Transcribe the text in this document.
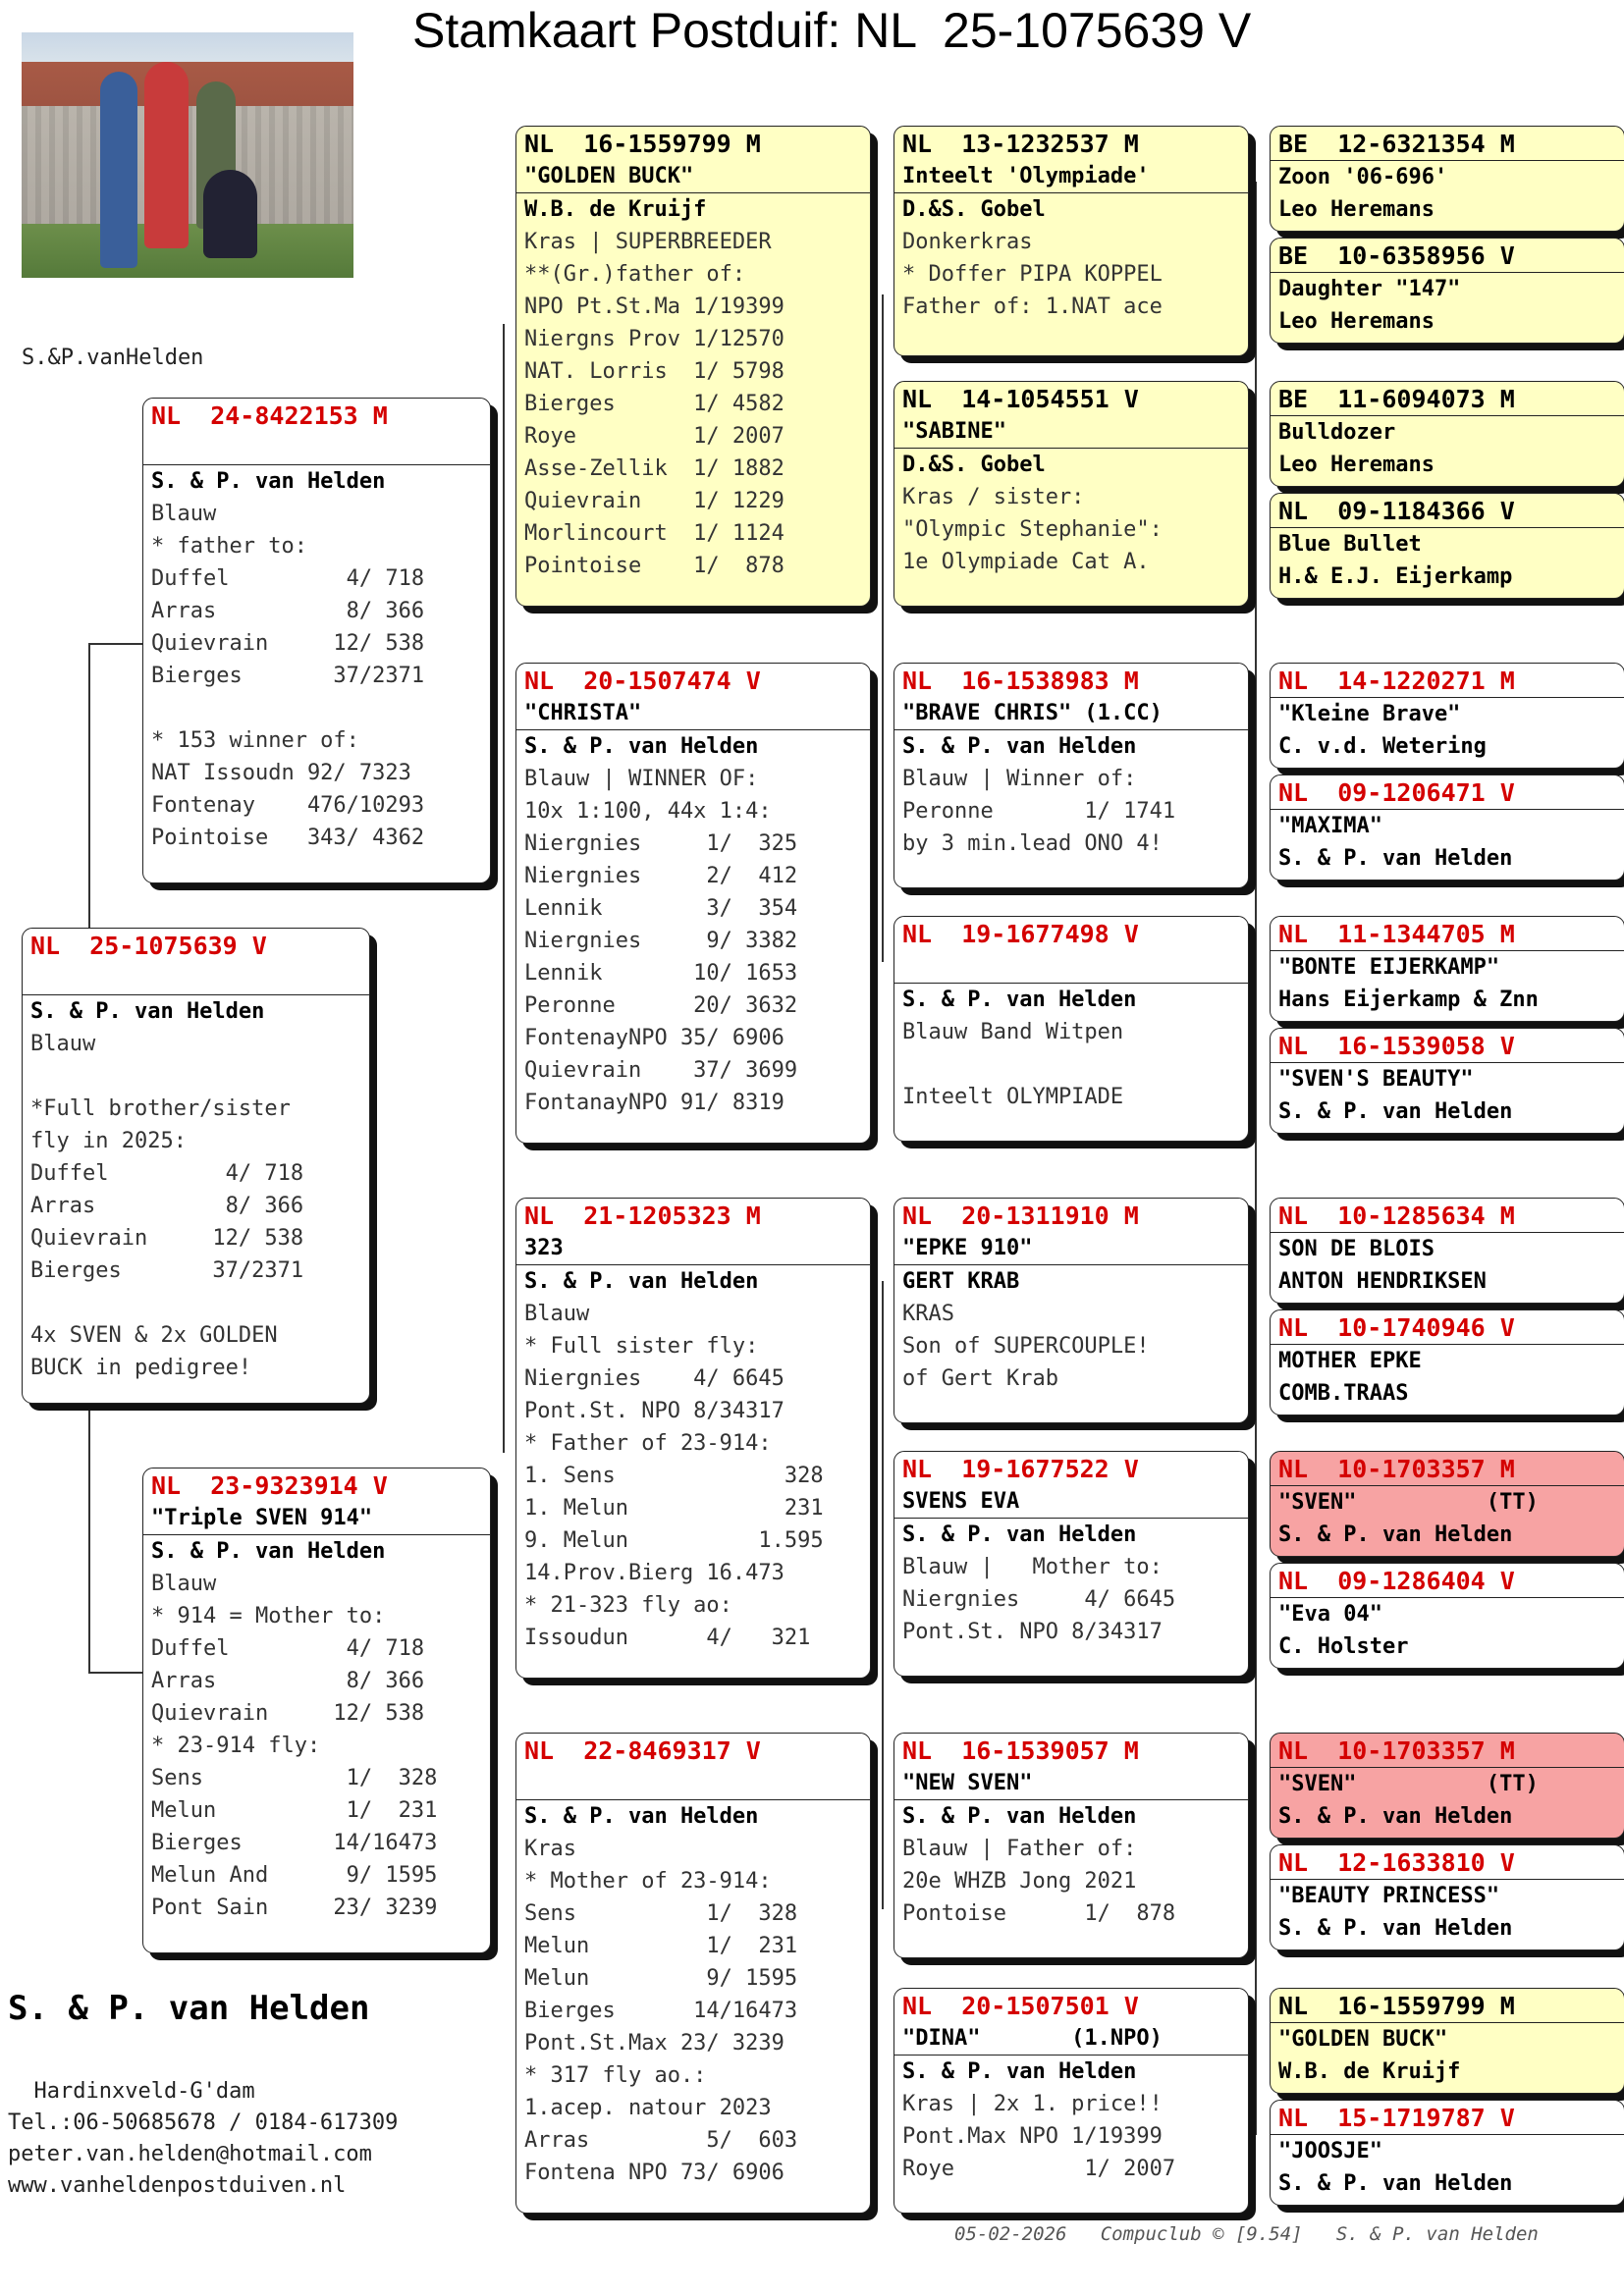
Stamkaart Postduif: NL  25-1075639 V
S.&P.vanHelden
NL  25-1075639 V

S. & P. van Helden
Blauw

*Full brother/sister
fly in 2025:
Duffel         4/ 718
Arras          8/ 366
Quievrain     12/ 538
Bierges       37/2371

4x SVEN & 2x GOLDEN
BUCK in pedigree!
NL  24-8422153 M

S. & P. van Helden
Blauw
* father to:
Duffel         4/ 718
Arras          8/ 366
Quievrain     12/ 538
Bierges       37/2371

* 153 winner of:
NAT Issoudn 92/ 7323
Fontenay    476/10293
Pointoise   343/ 4362
NL  23-9323914 V
"Triple SVEN 914"
S. & P. van Helden
Blauw
* 914 = Mother to:
Duffel         4/ 718
Arras          8/ 366
Quievrain     12/ 538
* 23-914 fly:
Sens           1/  328
Melun          1/  231
Bierges       14/16473
Melun And      9/ 1595
Pont Sain     23/ 3239
NL  16-1559799 M
"GOLDEN BUCK"
W.B. de Kruijf
Kras | SUPERBREEDER
**(Gr.)father of:
NPO Pt.St.Ma 1/19399
Niergns Prov 1/12570
NAT. Lorris  1/ 5798
Bierges      1/ 4582
Roye         1/ 2007
Asse-Zellik  1/ 1882
Quievrain    1/ 1229
Morlincourt  1/ 1124
Pointoise    1/  878
NL  20-1507474 V
"CHRISTA"
S. & P. van Helden
Blauw | WINNER OF:
10x 1:100, 44x 1:4:
Niergnies     1/  325
Niergnies     2/  412
Lennik        3/  354
Niergnies     9/ 3382
Lennik       10/ 1653
Peronne      20/ 3632
FontenayNPO 35/ 6906
Quievrain    37/ 3699
FontanayNPO 91/ 8319
NL  21-1205323 M
323
S. & P. van Helden
Blauw
* Full sister fly:
Niergnies    4/ 6645
Pont.St. NPO 8/34317
* Father of 23-914:
1. Sens             328
1. Melun            231
9. Melun          1.595
14.Prov.Bierg 16.473
* 21-323 fly ao:
Issoudun      4/   321
NL  22-8469317 V

S. & P. van Helden
Kras
* Mother of 23-914:
Sens          1/  328
Melun         1/  231
Melun         9/ 1595
Bierges      14/16473
Pont.St.Max 23/ 3239
* 317 fly ao.:
1.acep. natour 2023
Arras         5/  603
Fontena NPO 73/ 6906
NL  13-1232537 M
Inteelt 'Olympiade'
D.&S. Gobel
Donkerkras
* Doffer PIPA KOPPEL
Father of: 1.NAT ace
NL  14-1054551 V
"SABINE"
D.&S. Gobel
Kras / sister:
"Olympic Stephanie":
1e Olympiade Cat A.
NL  16-1538983 M
"BRAVE CHRIS" (1.CC)
S. & P. van Helden
Blauw | Winner of:
Peronne       1/ 1741
by 3 min.lead ONO 4!
NL  19-1677498 V

S. & P. van Helden
Blauw Band Witpen

Inteelt OLYMPIADE
NL  20-1311910 M
"EPKE 910"
GERT KRAB
KRAS
Son of SUPERCOUPLE!
of Gert Krab
NL  19-1677522 V
SVENS EVA
S. & P. van Helden
Blauw |   Mother to:
Niergnies     4/ 6645
Pont.St. NPO 8/34317
NL  16-1539057 M
"NEW SVEN"
S. & P. van Helden
Blauw | Father of:
20e WHZB Jong 2021
Pontoise      1/  878
NL  20-1507501 V
"DINA"       (1.NPO)
S. & P. van Helden
Kras | 2x 1. price!!
Pont.Max NPO 1/19399
Roye          1/ 2007
BE  12-6321354 M
Zoon '06-696'
Leo Heremans
BE  10-6358956 V
Daughter "147"
Leo Heremans
BE  11-6094073 M
Bulldozer
Leo Heremans
NL  09-1184366 V
Blue Bullet
H.& E.J. Eijerkamp
NL  14-1220271 M
"Kleine Brave"
C. v.d. Wetering
NL  09-1206471 V
"MAXIMA"
S. & P. van Helden
NL  11-1344705 M
"BONTE EIJERKAMP"
Hans Eijerkamp & Znn
NL  16-1539058 V
"SVEN'S BEAUTY"
S. & P. van Helden
NL  10-1285634 M
SON DE BLOIS
ANTON HENDRIKSEN
NL  10-1740946 V
MOTHER EPKE
COMB.TRAAS
NL  10-1703357 M
"SVEN"          (TT)
S. & P. van Helden
NL  09-1286404 V
"Eva 04"
C. Holster
NL  10-1703357 M
"SVEN"          (TT)
S. & P. van Helden
NL  12-1633810 V
"BEAUTY PRINCESS"
S. & P. van Helden
NL  16-1559799 M
"GOLDEN BUCK"
W.B. de Kruijf
NL  15-1719787 V
"JOOSJE"
S. & P. van Helden
S. & P. van Helden
Hardinxveld-G'dam
Tel.:06-50685678 / 0184-617309
peter.van.helden@hotmail.com
www.vanheldenpostduiven.nl
05-02-2026   Compuclub © [9.54]   S. & P. van Helden
